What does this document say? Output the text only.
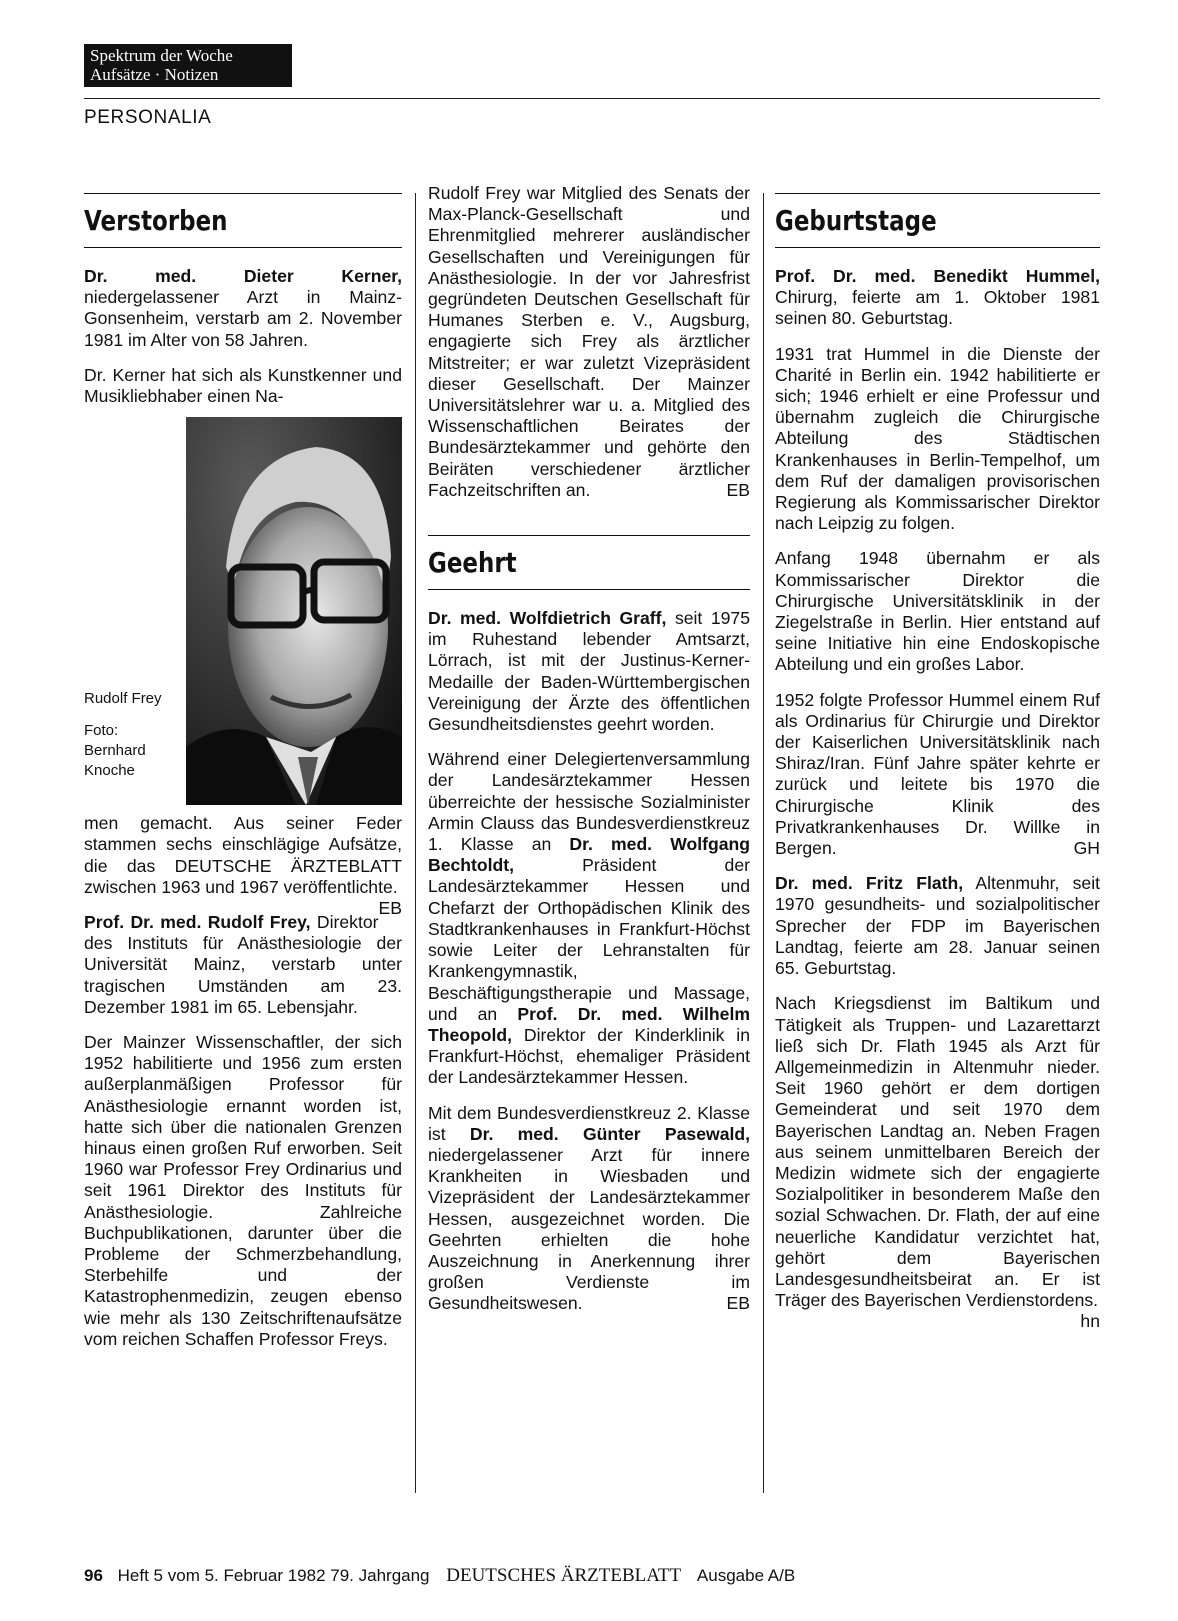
Spektrum der Woche
Aufsätze · Notizen
PERSONALIA
Verstorben

Dr. med. Dieter Kerner, niedergelassener Arzt in Mainz-Gonsenheim, verstarb am 2. November 1981 im Alter von 58 Jahren.

Dr. Kerner hat sich als Kunstkenner und Musikliebhaber einen Na-

Rudolf Frey
Foto:
Bernhard Knoche

men gemacht. Aus seiner Feder stammen sechs einschlägige Aufsätze, die das DEUTSCHE ÄRZTEBLATT zwischen 1963 und 1967 veröffentlichte.
EB

Prof. Dr. med. Rudolf Frey, Direktor des Instituts für Anästhesiologie der Universität Mainz, verstarb unter tragischen Umständen am 23. Dezember 1981 im 65. Lebensjahr.

Der Mainzer Wissenschaftler, der sich 1952 habilitierte und 1956 zum ersten außerplanmäßigen Professor für Anästhesiologie ernannt worden ist, hatte sich über die nationalen Grenzen hinaus einen großen Ruf erworben. Seit 1960 war Professor Frey Ordinarius und seit 1961 Direktor des Instituts für Anästhesiologie. Zahlreiche Buchpublikationen, darunter über die Probleme der Schmerzbehandlung, Sterbehilfe und der Katastrophenmedizin, zeugen ebenso wie mehr als 130 Zeitschriftenaufsätze vom reichen Schaffen Professor Freys.

Rudolf Frey war Mitglied des Senats der Max-Planck-Gesellschaft und Ehrenmitglied mehrerer ausländischer Gesellschaften und Vereinigungen für Anästhesiologie. In der vor Jahresfrist gegründeten Deutschen Gesellschaft für Humanes Sterben e. V., Augsburg, engagierte sich Frey als ärztlicher Mitstreiter; er war zuletzt Vizepräsident dieser Gesellschaft. Der Mainzer Universitätslehrer war u. a. Mitglied des Wissenschaftlichen Beirates der Bundesärztekammer und gehörte den Beiräten verschiedener ärztlicher Fachzeitschriften an.	EB

Geehrt

Dr. med. Wolfdietrich Graff, seit 1975 im Ruhestand lebender Amtsarzt, Lörrach, ist mit der Justinus-Kerner-Medaille der Baden-Württembergischen Vereinigung der Ärzte des öffentlichen Gesundheitsdienstes geehrt worden.

Während einer Delegiertenversammlung der Landesärztekammer Hessen überreichte der hessische Sozialminister Armin Clauss das Bundesverdienstkreuz 1. Klasse an Dr. med. Wolfgang Bechtoldt, Präsident der Landesärztekammer Hessen und Chefarzt der Orthopädischen Klinik des Stadtkrankenhauses in Frankfurt-Höchst sowie Leiter der Lehranstalten für Krankengymnastik, Beschäftigungstherapie und Massage, und an Prof. Dr. med. Wilhelm Theopold, Direktor der Kinderklinik in Frankfurt-Höchst, ehemaliger Präsident der Landesärztekammer Hessen.

Mit dem Bundesverdienstkreuz 2. Klasse ist Dr. med. Günter Pasewald, niedergelassener Arzt für innere Krankheiten in Wiesbaden und Vizepräsident der Landesärztekammer Hessen, ausgezeichnet worden. Die Geehrten erhielten die hohe Auszeichnung in Anerkennung ihrer großen Verdienste im Gesundheitswesen.	EB

Geburtstage

Prof. Dr. med. Benedikt Hummel, Chirurg, feierte am 1. Oktober 1981 seinen 80. Geburtstag.

1931 trat Hummel in die Dienste der Charité in Berlin ein. 1942 habilitierte er sich; 1946 erhielt er eine Professur und übernahm zugleich die Chirurgische Abteilung des Städtischen Krankenhauses in Berlin-Tempelhof, um dem Ruf der damaligen provisorischen Regierung als Kommissarischer Direktor nach Leipzig zu folgen.

Anfang 1948 übernahm er als Kommissarischer Direktor die Chirurgische Universitätsklinik in der Ziegelstraße in Berlin. Hier entstand auf seine Initiative hin eine Endoskopische Abteilung und ein großes Labor.

1952 folgte Professor Hummel einem Ruf als Ordinarius für Chirurgie und Direktor der Kaiserlichen Universitätsklinik nach Shiraz/Iran. Fünf Jahre später kehrte er zurück und leitete bis 1970 die Chirurgische Klinik des Privatkrankenhauses Dr. Willke in Bergen.	GH

Dr. med. Fritz Flath, Altenmuhr, seit 1970 gesundheits- und sozialpolitischer Sprecher der FDP im Bayerischen Landtag, feierte am 28. Januar seinen 65. Geburtstag.

Nach Kriegsdienst im Baltikum und Tätigkeit als Truppen- und Lazarettarzt ließ sich Dr. Flath 1945 als Arzt für Allgemeinmedizin in Altenmuhr nieder. Seit 1960 gehört er dem dortigen Gemeinderat und seit 1970 dem Bayerischen Landtag an. Neben Fragen aus seinem unmittelbaren Bereich der Medizin widmete sich der engagierte Sozialpolitiker in besonderem Maße den sozial Schwachen. Dr. Flath, der auf eine neuerliche Kandidatur verzichtet hat, gehört dem Bayerischen Landesgesundheitsbeirat an. Er ist Träger des Bayerischen Verdienstordens.
hn

96 Heft 5 vom 5. Februar 1982 79. Jahrgang DEUTSCHES ÄRZTEBLATT Ausgabe A/B
